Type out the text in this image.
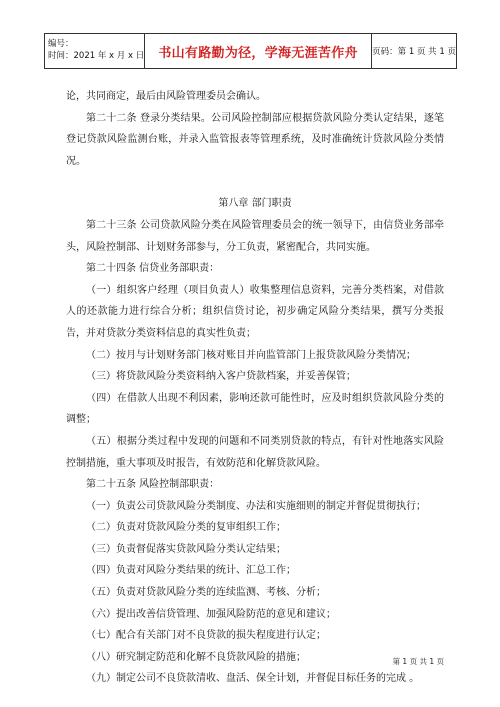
编号：
时间：2021 年 x 月 x 日	书山有路勤为径，学海无涯苦作舟	页码：第 1 页 共 1 页

论，共同商定，最后由风险管理委员会确认。

第二十二条 登录分类结果。公司风险控制部应根据贷款风险分类认定结果，逐笔登记贷款风险监测台账，并录入监管报表等管理系统，及时准确统计贷款风险分类情况。

第八章 部门职责

第二十三条 公司贷款风险分类在风险管理委员会的统一领导下，由信贷业务部牵头，风险控制部、计划财务部参与，分工负责，紧密配合，共同实施。

第二十四条 信贷业务部职责：

（一）组织客户经理（项目负责人）收集整理信息资料，完善分类档案，对借款人的还款能力进行综合分析；组织信贷讨论，初步确定风险分类结果，撰写分类报告，并对贷款分类资料信息的真实性负责；

（二）按月与计划财务部门核对账目并向监管部门上报贷款风险分类情况；

（三）将贷款风险分类资料纳入客户贷款档案，并妥善保管；

（四）在借款人出现不利因素，影响还款可能性时，应及时组织贷款风险分类的调整；

（五）根据分类过程中发现的问题和不同类别贷款的特点，有针对性地落实风险控制措施，重大事项及时报告，有效防范和化解贷款风险。

第二十五条 风险控制部职责：

（一）负责公司贷款风险分类制度、办法和实施细则的制定并督促贯彻执行；

（二）负责对贷款风险分类的复审组织工作；

（三）负责督促落实贷款风险分类认定结果；

（四）负责对风险分类结果的统计、汇总工作；

（五）负责对贷款风险分类的连续监测、考核、分析；

（六）提出改善信贷管理、加强风险防范的意见和建议；

（七）配合有关部门对不良贷款的损失程度进行认定；

（八）研究制定防范和化解不良贷款风险的措施；

（九）制定公司不良贷款清收、盘活、保全计划，并督促目标任务的完成 。

第 1 页 共 1 页
